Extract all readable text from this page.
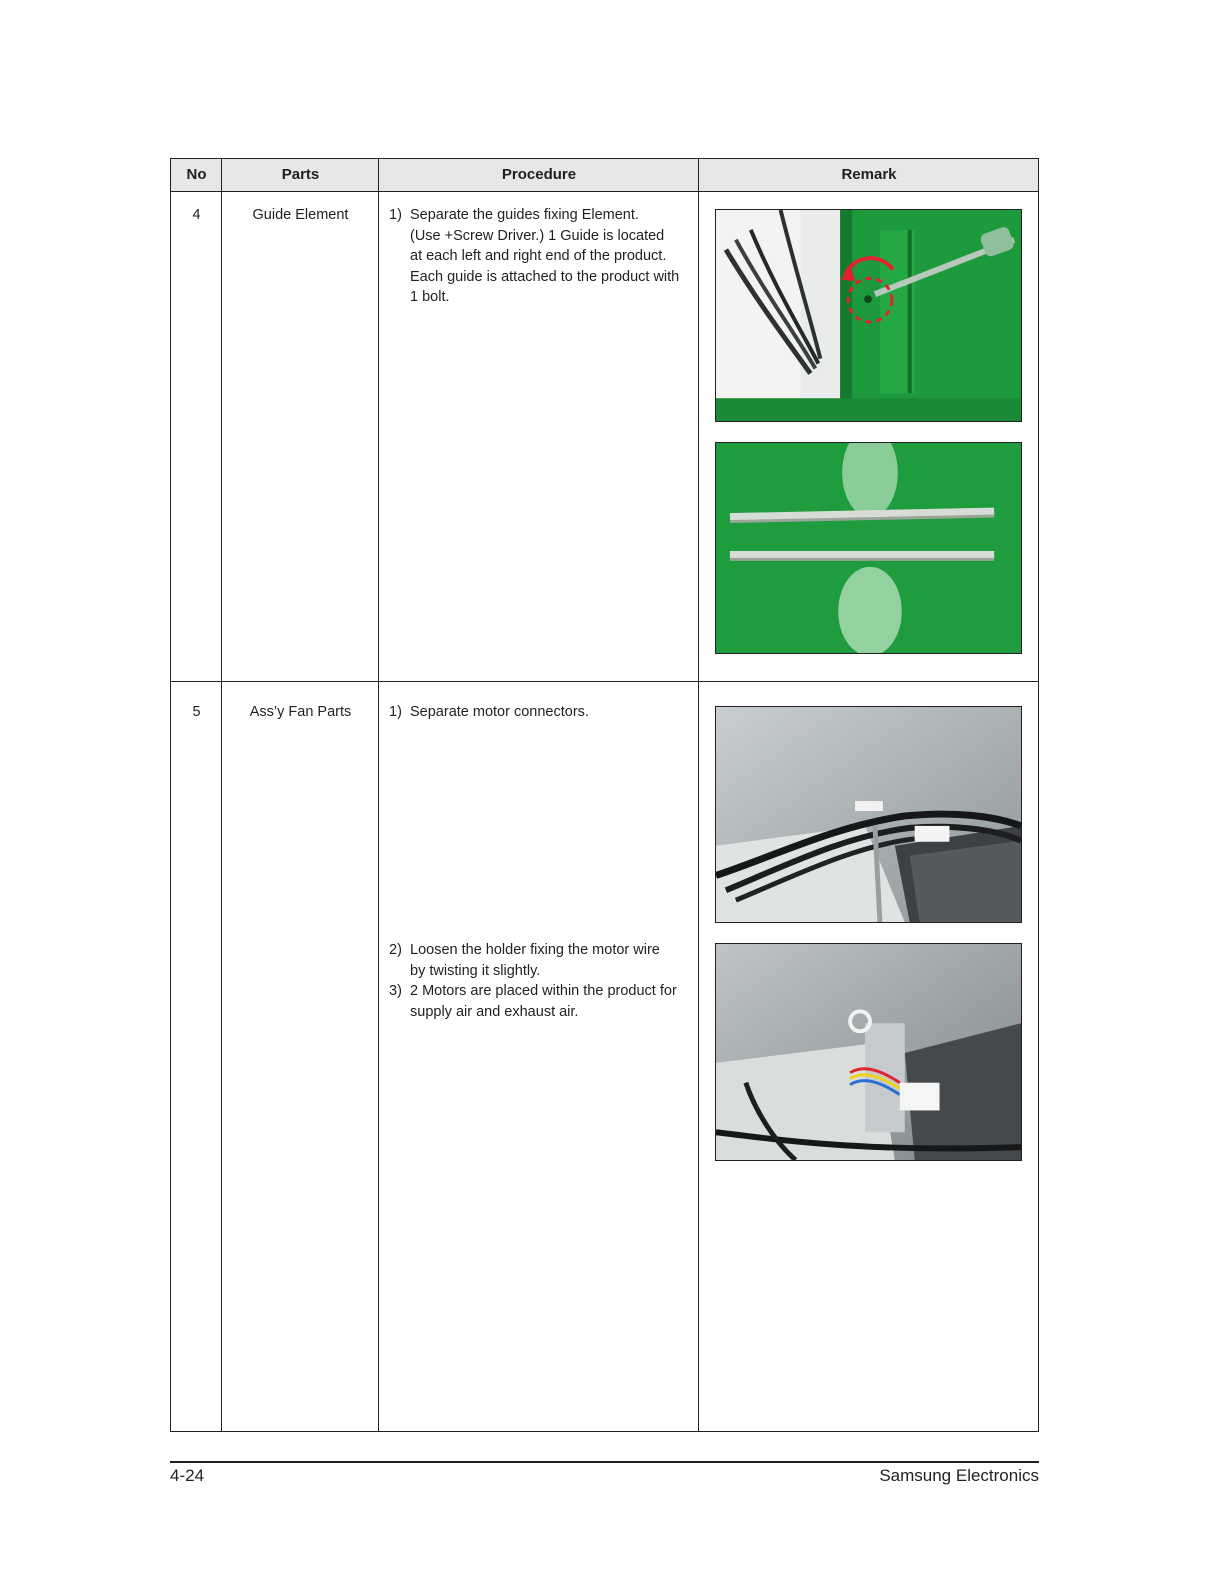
No	Parts	Procedure	Remark
4	Guide Element	1) Separate the guides fixing Element.
(Use +Screw Driver.) 1 Guide is located
at each left and right end of the product.
Each guide is attached to the product with
1 bolt.
5	Ass’y Fan Parts	1) Separate motor connectors.
2) Loosen the holder fixing the motor wire
by twisting it slightly.
3) 2 Motors are placed within the product for
supply air and exhaust air.
4-24	Samsung Electronics
